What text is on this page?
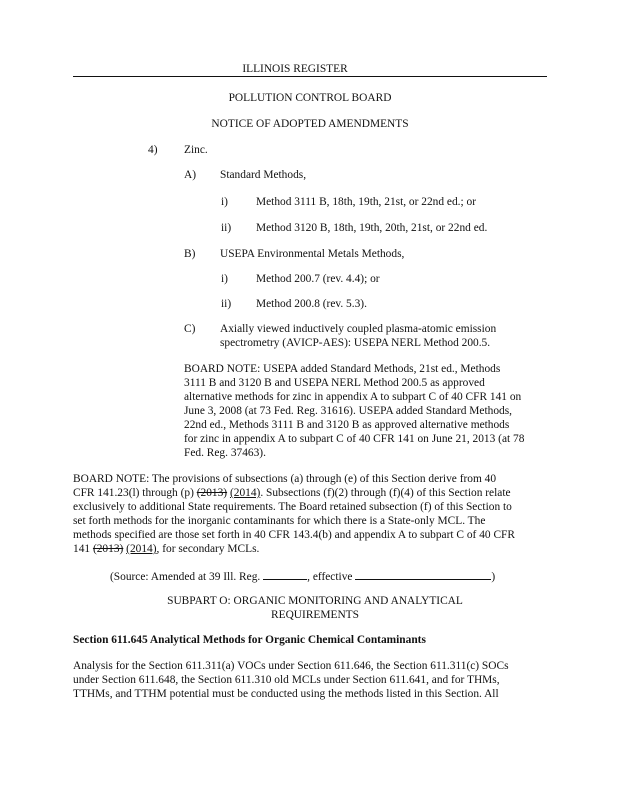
ILLINOIS REGISTER
POLLUTION CONTROL BOARD
NOTICE OF ADOPTED AMENDMENTS
4) Zinc.
A) Standard Methods,
i) Method 3111 B, 18th, 19th, 21st, or 22nd ed.; or
ii) Method 3120 B, 18th, 19th, 20th, 21st, or 22nd ed.
B) USEPA Environmental Metals Methods,
i) Method 200.7 (rev. 4.4); or
ii) Method 200.8 (rev. 5.3).
C) Axially viewed inductively coupled plasma-atomic emission
spectrometry (AVICP-AES): USEPA NERL Method 200.5.
BOARD NOTE: USEPA added Standard Methods, 21st ed., Methods
3111 B and 3120 B and USEPA NERL Method 200.5 as approved
alternative methods for zinc in appendix A to subpart C of 40 CFR 141 on
June 3, 2008 (at 73 Fed. Reg. 31616). USEPA added Standard Methods,
22nd ed., Methods 3111 B and 3120 B as approved alternative methods
for zinc in appendix A to subpart C of 40 CFR 141 on June 21, 2013 (at 78
Fed. Reg. 37463).
BOARD NOTE: The provisions of subsections (a) through (e) of this Section derive from 40
CFR 141.23(l) through (p) (2013) (2014). Subsections (f)(2) through (f)(4) of this Section relate
exclusively to additional State requirements. The Board retained subsection (f) of this Section to
set forth methods for the inorganic contaminants for which there is a State-only MCL. The
methods specified are those set forth in 40 CFR 143.4(b) and appendix A to subpart C of 40 CFR
141 (2013) (2014), for secondary MCLs.
(Source: Amended at 39 Ill. Reg.	, effective	)
SUBPART O: ORGANIC MONITORING AND ANALYTICAL
REQUIREMENTS
Section 611.645 Analytical Methods for Organic Chemical Contaminants
Analysis for the Section 611.311(a) VOCs under Section 611.646, the Section 611.311(c) SOCs
under Section 611.648, the Section 611.310 old MCLs under Section 611.641, and for THMs,
TTHMs, and TTHM potential must be conducted using the methods listed in this Section. All
